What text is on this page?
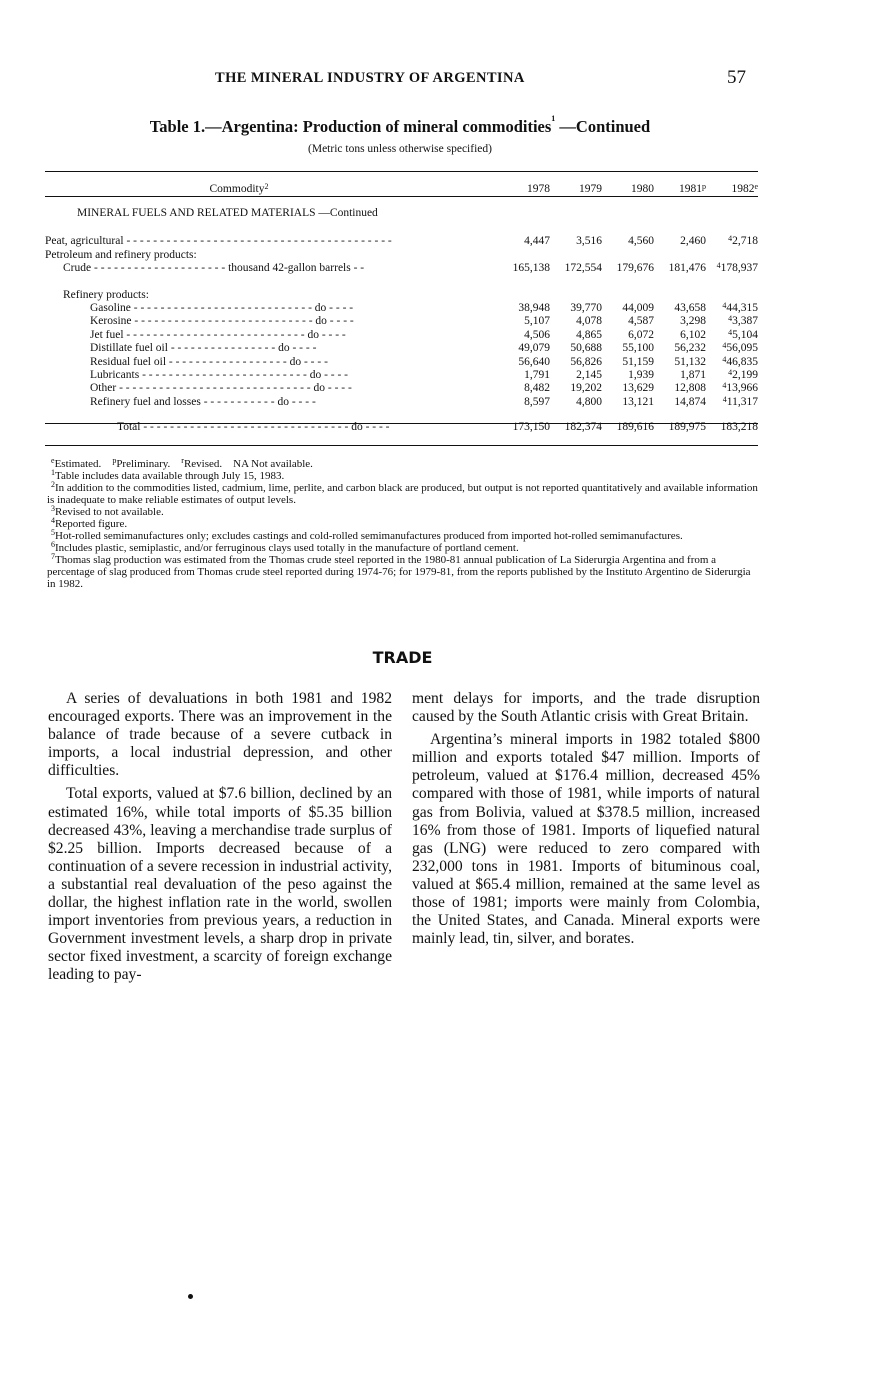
THE MINERAL INDUSTRY OF ARGENTINA	57
Table 1.—Argentina: Production of mineral commodities$^1$ —Continued
(Metric tons unless otherwise specified)
Commodity$^2$	1978	1979	1980	1981$^p$	1982e

MINERAL FUELS AND RELATED MATERIALS —Continued					

Peat, agricultural - - - - - - - - - - - - - - - - - - - - - - - - - - - - - - - - - - - - - - - -	4,447	3,516	4,560	2,460	$^4$2,718
Petroleum and refinery products:					
Crude - - - - - - - - - - - - - - - - - - - - thousand 42-gallon barrels - -	165,138	172,554	179,676	181,476	$^4$178,937

Refinery products:					
Gasoline - - - - - - - - - - - - - - - - - - - - - - - - - - - do - - - -	38,948	39,770	44,009	43,658	$^4$44,315
Kerosine - - - - - - - - - - - - - - - - - - - - - - - - - - - do - - - -	5,107	4,078	4,587	3,298	$^4$3,387
Jet fuel - - - - - - - - - - - - - - - - - - - - - - - - - - - do - - - -	4,506	4,865	6,072	6,102	$^4$5,104
Distillate fuel oil - - - - - - - - - - - - - - - - do - - - -	49,079	50,688	55,100	56,232	$^4$56,095
Residual fuel oil - - - - - - - - - - - - - - - - - - do - - - -	56,640	56,826	51,159	51,132	$^4$46,835
Lubricants - - - - - - - - - - - - - - - - - - - - - - - - - do - - - -	1,791	2,145	1,939	1,871	$^4$2,199
Other - - - - - - - - - - - - - - - - - - - - - - - - - - - - - do - - - -	8,482	19,202	13,629	12,808	$^4$13,966
Refinery fuel and losses - - - - - - - - - - - do - - - -	8,597	4,800	13,121	14,874	$^4$11,317

Total - - - - - - - - - - - - - - - - - - - - - - - - - - - - - - - do - - - -	173,150	182,374	189,616	189,975	183,218
$^e$Estimated. $^p$Preliminary. $^r$Revised. NA Not available.
$^1$Table includes data available through July 15, 1983.
$^2$In addition to the commodities listed, cadmium, lime, perlite, and carbon black are produced, but output is not reported quantitatively and available information is inadequate to make reliable estimates of output levels.
$^3$Revised to not available.
$^4$Reported figure.
$^5$Hot-rolled semimanufactures only; excludes castings and cold-rolled semimanufactures produced from imported hot-rolled semimanufactures.
$^6$Includes plastic, semiplastic, and/or ferruginous clays used totally in the manufacture of portland cement.
$^7$Thomas slag production was estimated from the Thomas crude steel reported in the 1980-81 annual publication of La Siderurgia Argentina and from a percentage of slag produced from Thomas crude steel reported during 1974-76; for 1979-81, from the reports published by the Instituto Argentino de Siderurgia in 1982.
TRADE

A series of devaluations in both 1981 and 1982 encouraged exports. There was an improvement in the balance of trade because of a severe cutback in imports, a local industrial depression, and other difficulties.

Total exports, valued at $7.6 billion, declined by an estimated 16%, while total imports of $5.35 billion decreased 43%, leaving a merchandise trade surplus of $2.25 billion. Imports decreased because of a continuation of a severe recession in industrial activity, a substantial real devaluation of the peso against the dollar, the highest inflation rate in the world, swollen import inventories from previous years, a reduction in Government investment levels, a sharp drop in private sector fixed investment, a scarcity of foreign exchange leading to pay-

ment delays for imports, and the trade disruption caused by the South Atlantic crisis with Great Britain.

Argentina’s mineral imports in 1982 totaled $800 million and exports totaled $47 million. Imports of petroleum, valued at $176.4 million, decreased 45% compared with those of 1981, while imports of natural gas from Bolivia, valued at $378.5 million, increased 16% from those of 1981. Imports of liquefied natural gas (LNG) were reduced to zero compared with 232,000 tons in 1981. Imports of bituminous coal, valued at $65.4 million, remained at the same level as those of 1981; imports were mainly from Colombia, the United States, and Canada. Mineral exports were mainly lead, tin, silver, and borates.
